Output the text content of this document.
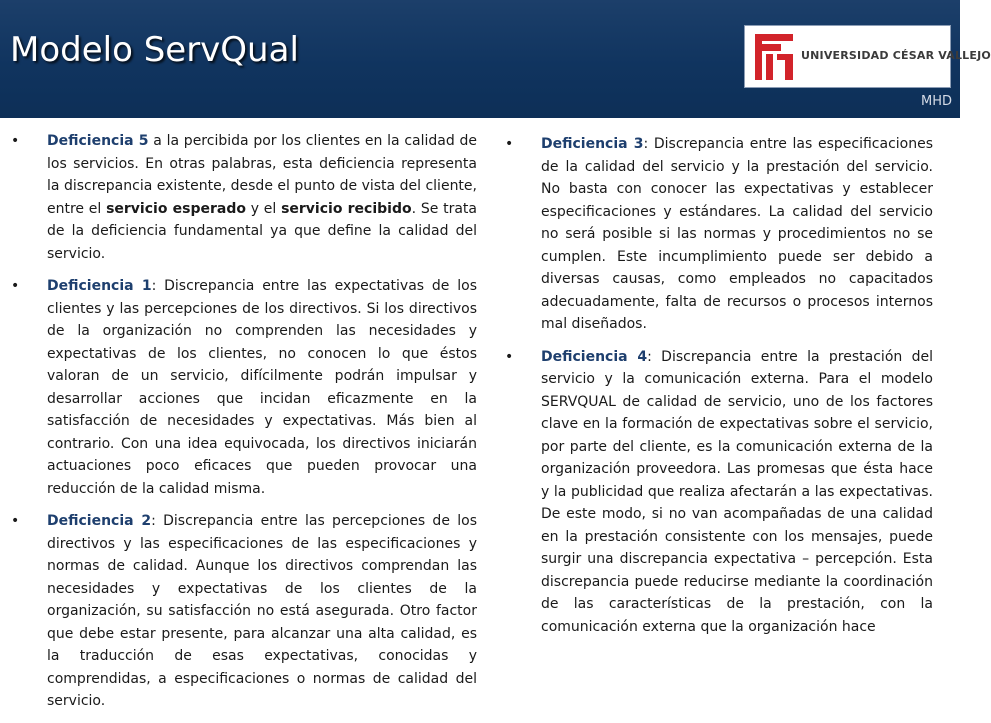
Modelo ServQual	UNIVERSIDAD CÉSAR VALLEJO
MHD

• Deficiencia 5 a la percibida por los clientes en la calidad de los servicios. En otras palabras, esta deficiencia representa la discrepancia existente, desde el punto de vista del cliente, entre el servicio esperado y el servicio recibido. Se trata de la deficiencia fundamental ya que define la calidad del servicio.

• Deficiencia 1: Discrepancia entre las expectativas de los clientes y las percepciones de los directivos. Si los directivos de la organización no comprenden las necesidades y expectativas de los clientes, no conocen lo que éstos valoran de un servicio, difícilmente podrán impulsar y desarrollar acciones que incidan eficazmente en la satisfacción de necesidades y expectativas. Más bien al contrario. Con una idea equivocada, los directivos iniciarán actuaciones poco eficaces que pueden provocar una reducción de la calidad misma.

• Deficiencia 2: Discrepancia entre las percepciones de los directivos y las especificaciones de las especificaciones y normas de calidad. Aunque los directivos comprendan las necesidades y expectativas de los clientes de la organización, su satisfacción no está asegurada. Otro factor que debe estar presente, para alcanzar una alta calidad, es la traducción de esas expectativas, conocidas y comprendidas, a especificaciones o normas de calidad del servicio.

• Deficiencia 3: Discrepancia entre las especificaciones de la calidad del servicio y la prestación del servicio. No basta con conocer las expectativas y establecer especificaciones y estándares. La calidad del servicio no será posible si las normas y procedimientos no se cumplen. Este incumplimiento puede ser debido a diversas causas, como empleados no capacitados adecuadamente, falta de recursos o procesos internos mal diseñados.

• Deficiencia 4: Discrepancia entre la prestación del servicio y la comunicación externa. Para el modelo SERVQUAL de calidad de servicio, uno de los factores clave en la formación de expectativas sobre el servicio, por parte del cliente, es la comunicación externa de la organización proveedora. Las promesas que ésta hace y la publicidad que realiza afectarán a las expectativas. De este modo, si no van acompañadas de una calidad en la prestación consistente con los mensajes, puede surgir una discrepancia expectativa – percepción. Esta discrepancia puede reducirse mediante la coordinación de las características de la prestación, con la comunicación externa que la organización hace
